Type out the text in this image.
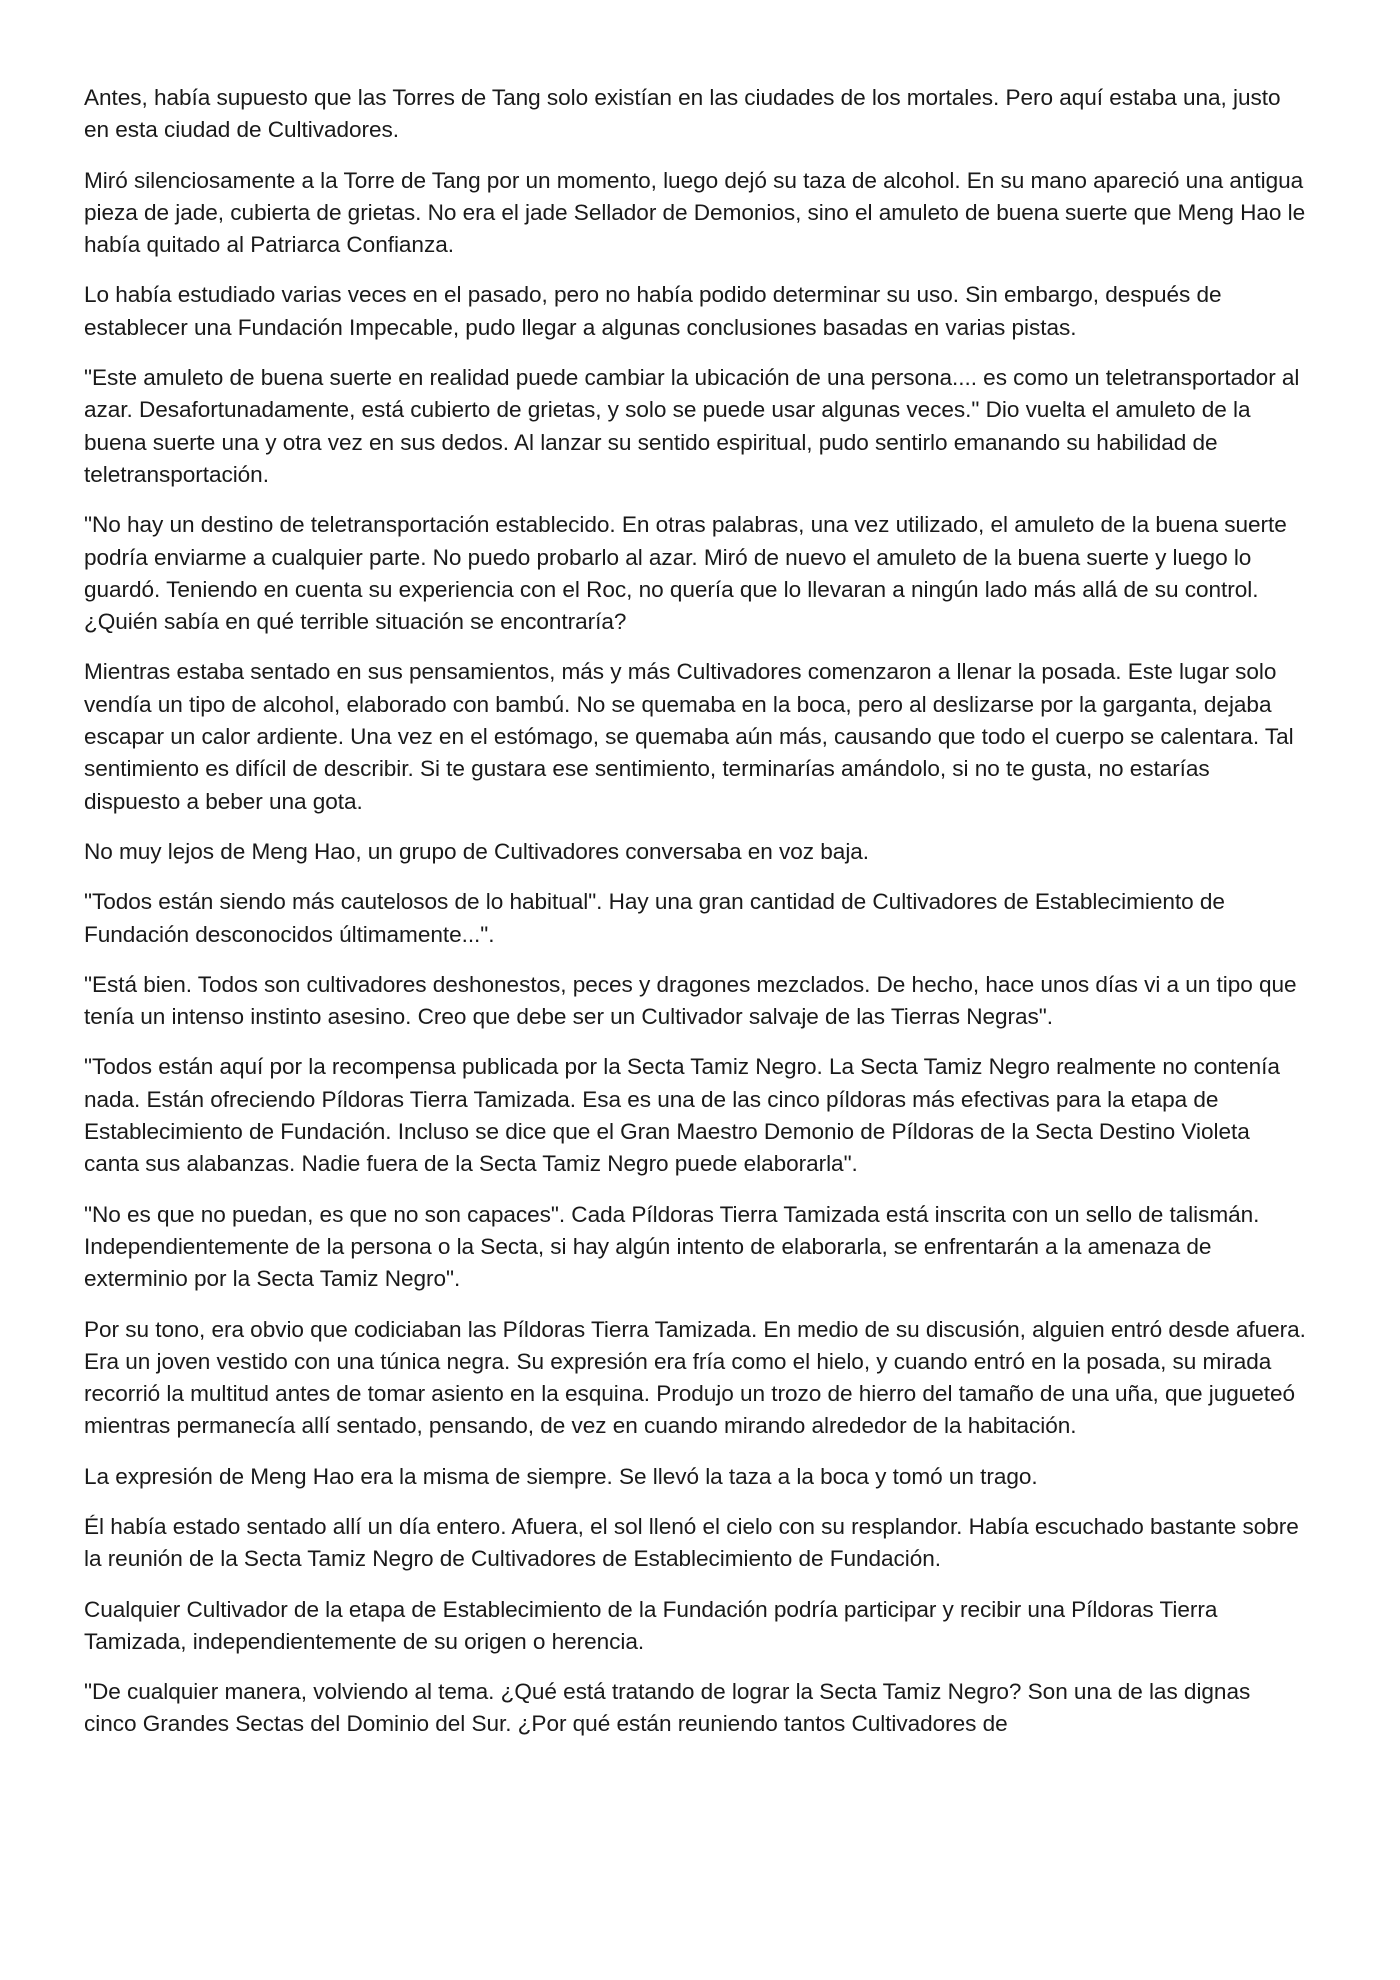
Antes, había supuesto que las Torres de Tang solo existían en las ciudades de los mortales. Pero aquí estaba una, justo en esta ciudad de Cultivadores.

Miró silenciosamente a la Torre de Tang por un momento, luego dejó su taza de alcohol. En su mano apareció una antigua pieza de jade, cubierta de grietas. No era el jade Sellador de Demonios, sino el amuleto de buena suerte que Meng Hao le había quitado al Patriarca Confianza.

Lo había estudiado varias veces en el pasado, pero no había podido determinar su uso. Sin embargo, después de establecer una Fundación Impecable, pudo llegar a algunas conclusiones basadas en varias pistas.

"Este amuleto de buena suerte en realidad puede cambiar la ubicación de una persona.... es como un teletransportador al azar. Desafortunadamente, está cubierto de grietas, y solo se puede usar algunas veces." Dio vuelta el amuleto de la buena suerte una y otra vez en sus dedos. Al lanzar su sentido espiritual, pudo sentirlo emanando su habilidad de teletransportación.

"No hay un destino de teletransportación establecido. En otras palabras, una vez utilizado, el amuleto de la buena suerte podría enviarme a cualquier parte. No puedo probarlo al azar. Miró de nuevo el amuleto de la buena suerte y luego lo guardó. Teniendo en cuenta su experiencia con el Roc, no quería que lo llevaran a ningún lado más allá de su control. ¿Quién sabía en qué terrible situación se encontraría?

Mientras estaba sentado en sus pensamientos, más y más Cultivadores comenzaron a llenar la posada. Este lugar solo vendía un tipo de alcohol, elaborado con bambú. No se quemaba en la boca, pero al deslizarse por la garganta, dejaba escapar un calor ardiente. Una vez en el estómago, se quemaba aún más, causando que todo el cuerpo se calentara. Tal sentimiento es difícil de describir. Si te gustara ese sentimiento, terminarías amándolo, si no te gusta, no estarías dispuesto a beber una gota.

No muy lejos de Meng Hao, un grupo de Cultivadores conversaba en voz baja.

"Todos están siendo más cautelosos de lo habitual". Hay una gran cantidad de Cultivadores de Establecimiento de Fundación desconocidos últimamente...".

"Está bien. Todos son cultivadores deshonestos, peces y dragones mezclados. De hecho, hace unos días vi a un tipo que tenía un intenso instinto asesino. Creo que debe ser un Cultivador salvaje de las Tierras Negras".

"Todos están aquí por la recompensa publicada por la Secta Tamiz Negro. La Secta Tamiz Negro realmente no contenía nada. Están ofreciendo Píldoras Tierra Tamizada. Esa es una de las cinco píldoras más efectivas para la etapa de Establecimiento de Fundación. Incluso se dice que el Gran Maestro Demonio de Píldoras de la Secta Destino Violeta canta sus alabanzas. Nadie fuera de la Secta Tamiz Negro puede elaborarla".

"No es que no puedan, es que no son capaces". Cada Píldoras Tierra Tamizada está inscrita con un sello de talismán. Independientemente de la persona o la Secta, si hay algún intento de elaborarla, se enfrentarán a la amenaza de exterminio por la Secta Tamiz Negro".

Por su tono, era obvio que codiciaban las Píldoras Tierra Tamizada. En medio de su discusión, alguien entró desde afuera. Era un joven vestido con una túnica negra. Su expresión era fría como el hielo, y cuando entró en la posada, su mirada recorrió la multitud antes de tomar asiento en la esquina. Produjo un trozo de hierro del tamaño de una uña, que jugueteó mientras permanecía allí sentado, pensando, de vez en cuando mirando alrededor de la habitación.

La expresión de Meng Hao era la misma de siempre. Se llevó la taza a la boca y tomó un trago.

Él había estado sentado allí un día entero. Afuera, el sol llenó el cielo con su resplandor. Había escuchado bastante sobre la reunión de la Secta Tamiz Negro de Cultivadores de Establecimiento de Fundación.

Cualquier Cultivador de la etapa de Establecimiento de la Fundación podría participar y recibir una Píldoras Tierra Tamizada, independientemente de su origen o herencia.

"De cualquier manera, volviendo al tema. ¿Qué está tratando de lograr la Secta Tamiz Negro? Son una de las dignas cinco Grandes Sectas del Dominio del Sur. ¿Por qué están reuniendo tantos Cultivadores de
